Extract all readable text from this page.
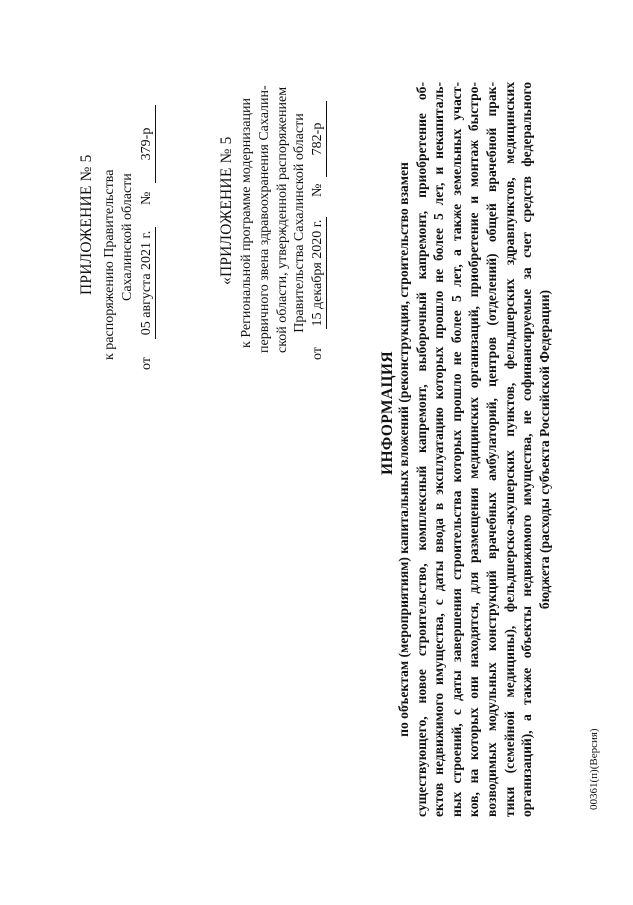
ПРИЛОЖЕНИЕ № 5 к распоряжению Правительства Сахалинской области
от
05 августа 2021 г.
№
379-р	«ПРИЛОЖЕНИЕ № 5 к Региональной программе модернизации первичного звена здравоохранения Сахалин- ской области, утвержденной распоряжением Правительства Сахалинской области
от
15 декабря 2020 г.
№
782-р
ИНФОРМАЦИЯ по объектам (мероприятиям) капитальных вложений (реконструкция, строительство взамен существующего, новое строительство, комплексный капремонт, выборочный капремонт, приобретение об- ектов недвижимого имущества, с даты ввода в эксплуатацию которых прошло не более 5 лет, и некапиталь- ных строений, с даты завершения строительства которых прошло не более 5 лет, а также земельных участ- ков, на которых они находятся, для размещения медицинских организаций, приобретение и монтаж быстро- возводимых модульных конструкций врачебных амбулаторий, центров (отделений) общей врачебной прак- тики (семейной медицины), фельдшерско-акушерских пунктов, фельдшерских здравпунктов, медицинских организаций), а также объекты недвижимого имущества, не софинансируемые за счет средств федерального бюджета (расходы субъекта Российской Федерации)
00361(п)(Версия)
